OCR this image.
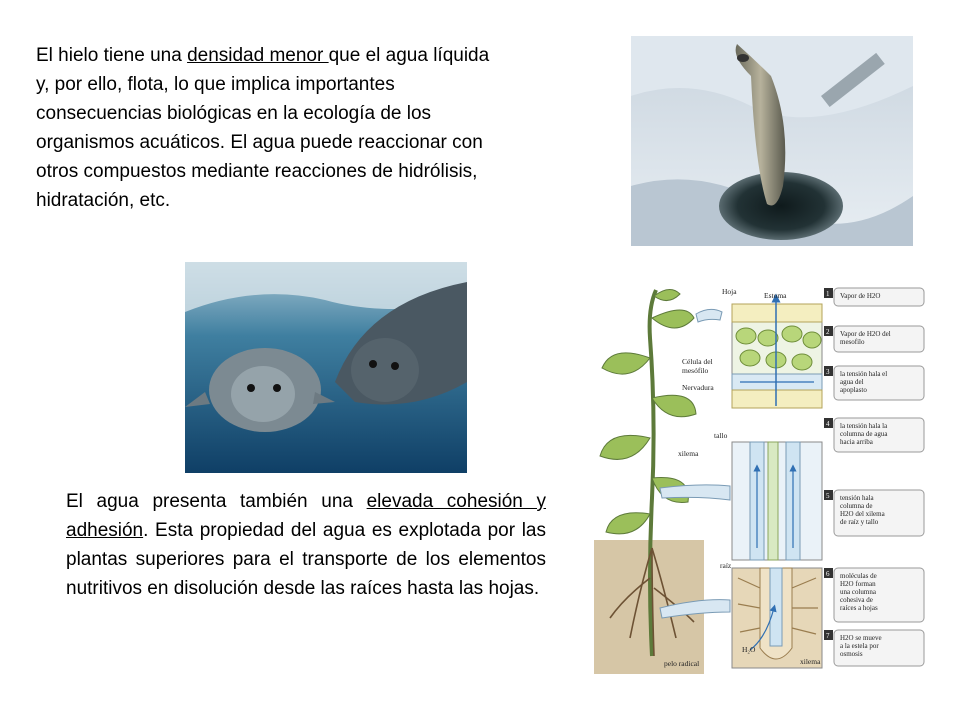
El hielo tiene una densidad menor que el agua líquida y, por ello, flota, lo que implica importantes consecuencias biológicas en la ecología de los organismos acuáticos. El agua puede reaccionar con otros compuestos mediante reacciones de hidrólisis, hidratación, etc.

El agua presenta también una elevada cohesión y adhesión. Esta propiedad del agua es explotada por las plantas superiores para el transporte de los elementos nutritivos en disolución desde las raíces hasta las hojas.

Hoja	Estoma
Célula del
mesófilo
Nervadura
tallo
xilema
raíz
pelo radical	xilema
H₂O
1 Vapor de H2O
2 Vapor de H2O del
mesofilo
3 la tensión hala el
agua del
apoplasto
4 la tensión hala la
columna de agua
hacia arriba
5 tensión hala
columna de
H2O del xilema
de raíz y tallo
6 moléculas de
H2O forman
una columna
cohesiva de
raíces a hojas
7 H2O se mueve
a la estela por
osmosis
